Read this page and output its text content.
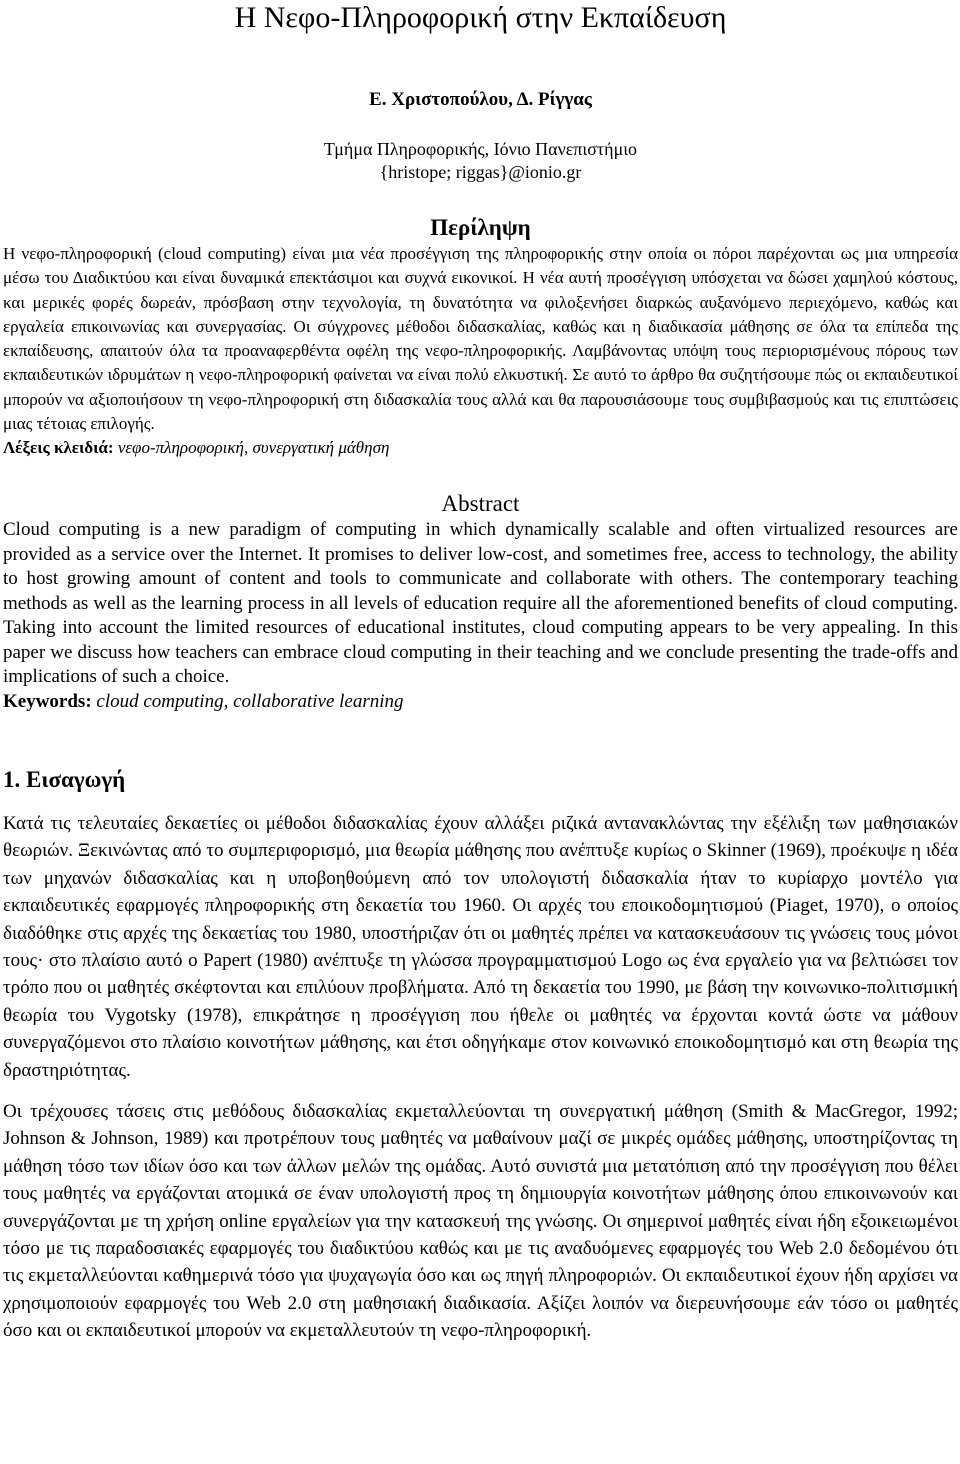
Η Νεφο-Πληροφορική στην Εκπαίδευση

Ε. Χριστοπούλου, Δ. Ρίγγας

Τμήμα Πληροφορικής, Ιόνιο Πανεπιστήμιο

{hristope; riggas}@ionio.gr

Περίληψη

Η νεφο-πληροφορική (cloud computing) είναι μια νέα προσέγγιση της πληροφορικής στην οποία οι πόροι παρέχονται ως μια υπηρεσία μέσω του Διαδικτύου και είναι δυναμικά επεκτάσιμοι και συχνά εικονικοί. Η νέα αυτή προσέγγιση υπόσχεται να δώσει χαμηλού κόστους, και μερικές φορές δωρεάν, πρόσβαση στην τεχνολογία, τη δυνατότητα να φιλοξενήσει διαρκώς αυξανόμενο περιεχόμενο, καθώς και εργαλεία επικοινωνίας και συνεργασίας. Οι σύγχρονες μέθοδοι διδασκαλίας, καθώς και η διαδικασία μάθησης σε όλα τα επίπεδα της εκπαίδευσης, απαιτούν όλα τα προαναφερθέντα οφέλη της νεφο-πληροφορικής. Λαμβάνοντας υπόψη τους περιορισμένους πόρους των εκπαιδευτικών ιδρυμάτων η νεφο-πληροφορική φαίνεται να είναι πολύ ελκυστική. Σε αυτό το άρθρο θα συζητήσουμε πώς οι εκπαιδευτικοί μπορούν να αξιοποιήσουν τη νεφο-πληροφορική στη διδασκαλία τους αλλά και θα παρουσιάσουμε τους συμβιβασμούς και τις επιπτώσεις μιας τέτοιας επιλογής.

Λέξεις κλειδιά: νεφο-πληροφορική, συνεργατική μάθηση

Abstract

Cloud computing is a new paradigm of computing in which dynamically scalable and often virtualized resources are provided as a service over the Internet. It promises to deliver low-cost, and sometimes free, access to technology, the ability to host growing amount of content and tools to communicate and collaborate with others. The contemporary teaching methods as well as the learning process in all levels of education require all the aforementioned benefits of cloud computing. Taking into account the limited resources of educational institutes, cloud computing appears to be very appealing. In this paper we discuss how teachers can embrace cloud computing in their teaching and we conclude presenting the trade-offs and implications of such a choice.

Keywords: cloud computing, collaborative learning

1. Εισαγωγή

Κατά τις τελευταίες δεκαετίες οι μέθοδοι διδασκαλίας έχουν αλλάξει ριζικά αντανακλώντας την εξέλιξη των μαθησιακών θεωριών. Ξεκινώντας από το συμπεριφορισμό, μια θεωρία μάθησης που ανέπτυξε κυρίως ο Skinner (1969), προέκυψε η ιδέα των μηχανών διδασκαλίας και η υποβοηθούμενη από τον υπολογιστή διδασκαλία ήταν το κυρίαρχο μοντέλο για εκπαιδευτικές εφαρμογές πληροφορικής στη δεκαετία του 1960. Οι αρχές του εποικοδομητισμού (Piaget, 1970), ο οποίος διαδόθηκε στις αρχές της δεκαετίας του 1980, υποστήριζαν ότι οι μαθητές πρέπει να κατασκευάσουν τις γνώσεις τους μόνοι τους· στο πλαίσιο αυτό ο Papert (1980) ανέπτυξε τη γλώσσα προγραμματισμού Logo ως ένα εργαλείο για να βελτιώσει τον τρόπο που οι μαθητές σκέφτονται και επιλύουν προβλήματα. Από τη δεκαετία του 1990, με βάση την κοινωνικο-πολιτισμική θεωρία του Vygotsky (1978), επικράτησε η προσέγγιση που ήθελε οι μαθητές να έρχονται κοντά ώστε να μάθουν συνεργαζόμενοι στο πλαίσιο κοινοτήτων μάθησης, και έτσι οδηγήκαμε στον κοινωνικό εποικοδομητισμό και στη θεωρία της δραστηριότητας.

Οι τρέχουσες τάσεις στις μεθόδους διδασκαλίας εκμεταλλεύονται τη συνεργατική μάθηση (Smith & MacGregor, 1992; Johnson & Johnson, 1989) και προτρέπουν τους μαθητές να μαθαίνουν μαζί σε μικρές ομάδες μάθησης, υποστηρίζοντας τη μάθηση τόσο των ιδίων όσο και των άλλων μελών της ομάδας. Αυτό συνιστά μια μετατόπιση από την προσέγγιση που θέλει τους μαθητές να εργάζονται ατομικά σε έναν υπολογιστή προς τη δημιουργία κοινοτήτων μάθησης όπου επικοινωνούν και συνεργάζονται με τη χρήση online εργαλείων για την κατασκευή της γνώσης. Οι σημερινοί μαθητές είναι ήδη εξοικειωμένοι τόσο με τις παραδοσιακές εφαρμογές του διαδικτύου καθώς και με τις αναδυόμενες εφαρμογές του Web 2.0 δεδομένου ότι τις εκμεταλλεύονται καθημερινά τόσο για ψυχαγωγία όσο και ως πηγή πληροφοριών. Οι εκπαιδευτικοί έχουν ήδη αρχίσει να χρησιμοποιούν εφαρμογές του Web 2.0 στη μαθησιακή διαδικασία. Αξίζει λοιπόν να διερευνήσουμε εάν τόσο οι μαθητές όσο και οι εκπαιδευτικοί μπορούν να εκμεταλλευτούν τη νεφο-πληροφορική.
